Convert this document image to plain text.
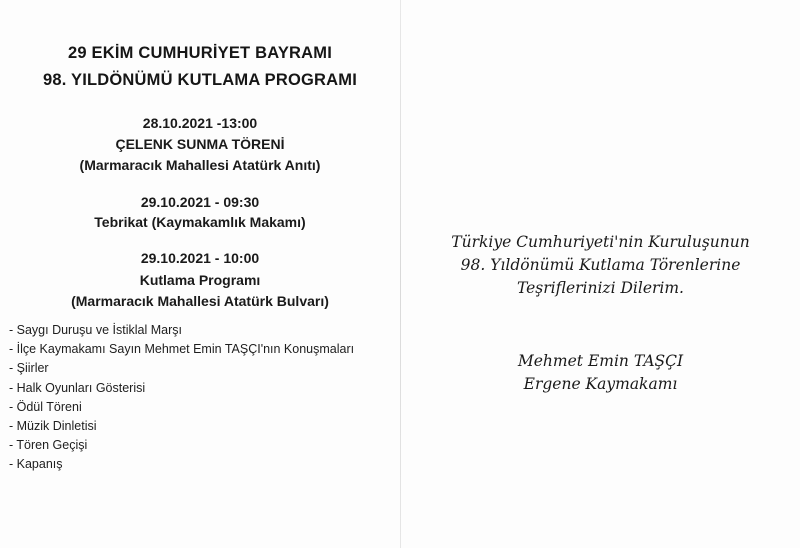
29 EKİM CUMHURİYET BAYRAMI
98. YILDÖNÜMÜ KUTLAMA PROGRAMI
28.10.2021 -13:00
ÇELENK SUNMA TÖRENİ
(Marmaracık Mahallesi Atatürk Anıtı)
29.10.2021 - 09:30
Tebrikat (Kaymakamlık Makamı)
29.10.2021 - 10:00
Kutlama Programı
(Marmaracık Mahallesi Atatürk Bulvarı)
- Saygı Duruşu ve İstiklal Marşı
- İlçe Kaymakamı Sayın Mehmet Emin TAŞÇI'nın Konuşmaları
- Şiirler
- Halk Oyunları Gösterisi
- Ödül Töreni
- Müzik Dinletisi
- Tören Geçişi
- Kapanış
Türkiye Cumhuriyeti'nin Kuruluşunun
98. Yıldönümü Kutlama Törenlerine
Teşriflerinizi Dilerim.
Mehmet Emin TAŞÇI
Ergene Kaymakamı
